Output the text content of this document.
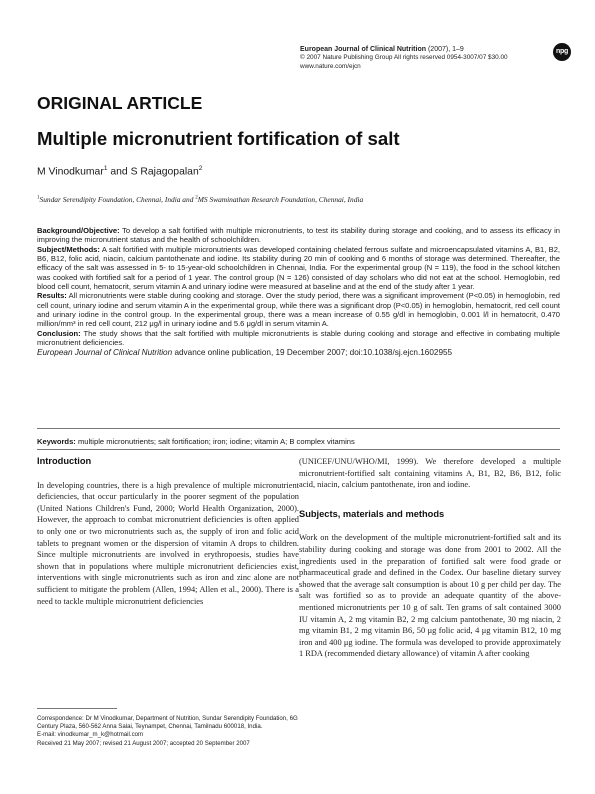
European Journal of Clinical Nutrition (2007), 1–9
© 2007 Nature Publishing Group All rights reserved 0954-3007/07 $30.00
www.nature.com/ejcn
npg
ORIGINAL ARTICLE
Multiple micronutrient fortification of salt
M Vinodkumar$^1$ and S Rajagopalan$^2$
$^1$Sundar Serendipity Foundation, Chennai, India and $^2$MS Swaminathan Research Foundation, Chennai, India

Background/Objective: To develop a salt fortified with multiple micronutrients, to test its stability during storage and cooking, and to assess its efficacy in improving the micronutrient status and the health of schoolchildren.

Subject/Methods: A salt fortified with multiple micronutrients was developed containing chelated ferrous sulfate and microencapsulated vitamins A, B1, B2, B6, B12, folic acid, niacin, calcium pantothenate and iodine. Its stability during 20 min of cooking and 6 months of storage was determined. Thereafter, the efficacy of the salt was assessed in 5- to 15-year-old schoolchildren in Chennai, India. For the experimental group (N = 119), the food in the school kitchen was cooked with fortified salt for a period of 1 year. The control group (N = 126) consisted of day scholars who did not eat at the school. Hemoglobin, red blood cell count, hematocrit, serum vitamin A and urinary iodine were measured at baseline and at the end of the study after 1 year.

Results: All micronutrients were stable during cooking and storage. Over the study period, there was a significant improvement (P<0.05) in hemoglobin, red cell count, urinary iodine and serum vitamin A in the experimental group, while there was a significant drop (P<0.05) in hemoglobin, hematocrit, red cell count and urinary iodine in the control group. In the experimental group, there was a mean increase of 0.55 g/dl in hemoglobin, 0.001 l/l in hematocrit, 0.470 million/mm³ in red cell count, 212 μg/l in urinary iodine and 5.6 μg/dl in serum vitamin A.

Conclusion: The study shows that the salt fortified with multiple micronutrients is stable during cooking and storage and effective in combating multiple micronutrient deficiencies.

European Journal of Clinical Nutrition advance online publication, 19 December 2007; doi:10.1038/sj.ejcn.1602955

Keywords: multiple micronutrients; salt fortification; iron; iodine; vitamin A; B complex vitamins
Introduction

In developing countries, there is a high prevalence of multiple micronutrient deficiencies, that occur particularly in the poorer segment of the population (United Nations Children's Fund, 2000; World Health Organization, 2000). However, the approach to combat micronutrient deficiencies is often applied to only one or two micronutrients such as, the supply of iron and folic acid tablets to pregnant women or the dispersion of vitamin A drops to children. Since multiple micronutrients are involved in erythropoesis, studies have shown that in populations where multiple micronutrient deficiencies exist, interventions with single micronutrients such as iron and zinc alone are not sufficient to mitigate the problem (Allen, 1994; Allen et al., 2000). There is a need to tackle multiple micronutrient deficiencies

(UNICEF/UNU/WHO/MI, 1999). We therefore developed a multiple micronutrient-fortified salt containing vitamins A, B1, B2, B6, B12, folic acid, niacin, calcium pantothenate, iron and iodine.

Subjects, materials and methods

Work on the development of the multiple micronutrient-fortified salt and its stability during cooking and storage was done from 2001 to 2002. All the ingredients used in the preparation of fortified salt were food grade or pharmaceutical grade and defined in the Codex. Our baseline dietary survey showed that the average salt consumption is about 10 g per child per day. The salt was fortified so as to provide an adequate quantity of the above-mentioned micronutrients per 10 g of salt. Ten grams of salt contained 3000 IU vitamin A, 2 mg vitamin B2, 2 mg calcium pantothenate, 30 mg niacin, 2 mg vitamin B1, 2 mg vitamin B6, 50 μg folic acid, 4 μg vitamin B12, 10 mg iron and 400 μg iodine. The formula was developed to provide approximately 1 RDA (recommended dietary allowance) of vitamin A after cooking

Correspondence: Dr M Vinodkumar, Department of Nutrition, Sundar Serendipity Foundation, 6G Century Plaza, 560-562 Anna Salai, Teynampet, Chennai, Tamilnadu 600018, India.
E-mail: vinodkumar_m_k@hotmail.com
Received 21 May 2007; revised 21 August 2007; accepted 20 September 2007
